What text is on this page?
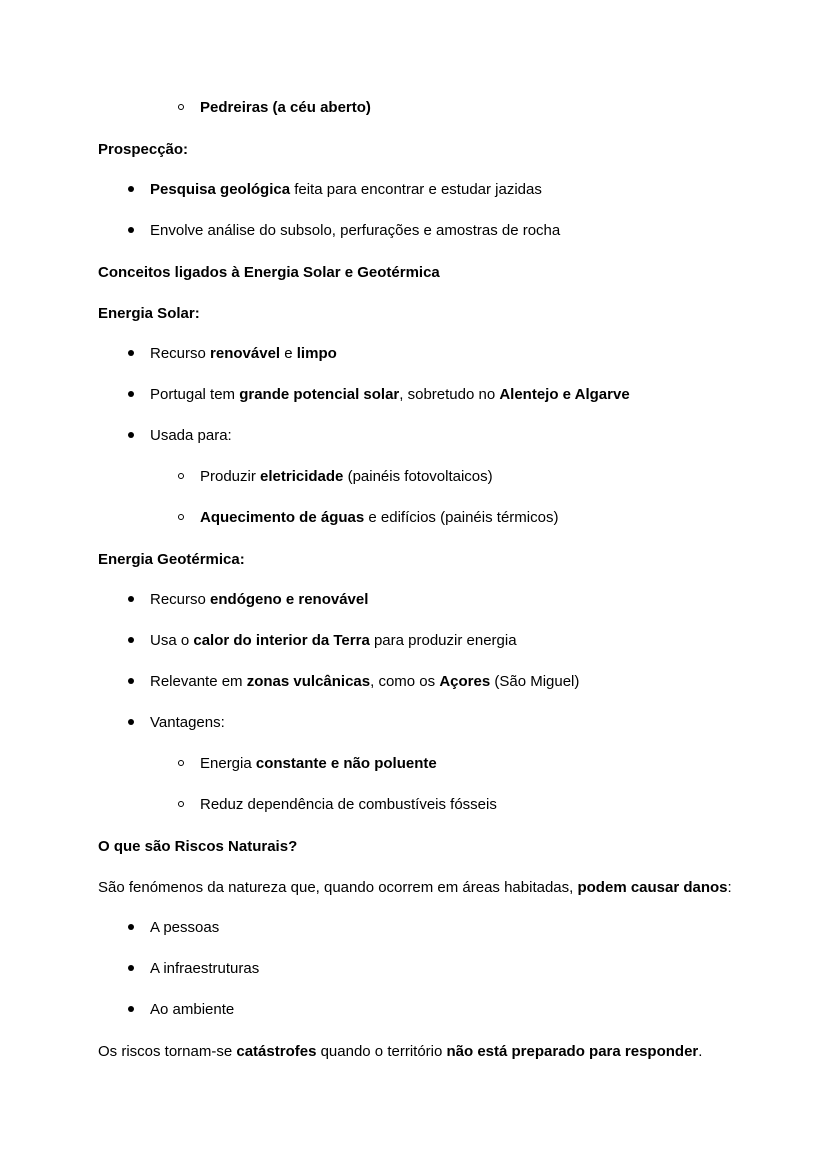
Pedreiras (a céu aberto)
Prospecção:
Pesquisa geológica feita para encontrar e estudar jazidas
Envolve análise do subsolo, perfurações e amostras de rocha
Conceitos ligados à Energia Solar e Geotérmica
Energia Solar:
Recurso renovável e limpo
Portugal tem grande potencial solar, sobretudo no Alentejo e Algarve
Usada para:
Produzir eletricidade (painéis fotovoltaicos)
Aquecimento de águas e edifícios (painéis térmicos)
Energia Geotérmica:
Recurso endógeno e renovável
Usa o calor do interior da Terra para produzir energia
Relevante em zonas vulcânicas, como os Açores (São Miguel)
Vantagens:
Energia constante e não poluente
Reduz dependência de combustíveis fósseis
O que são Riscos Naturais?
São fenómenos da natureza que, quando ocorrem em áreas habitadas, podem causar danos:
A pessoas
A infraestruturas
Ao ambiente
Os riscos tornam-se catástrofes quando o território não está preparado para responder.
